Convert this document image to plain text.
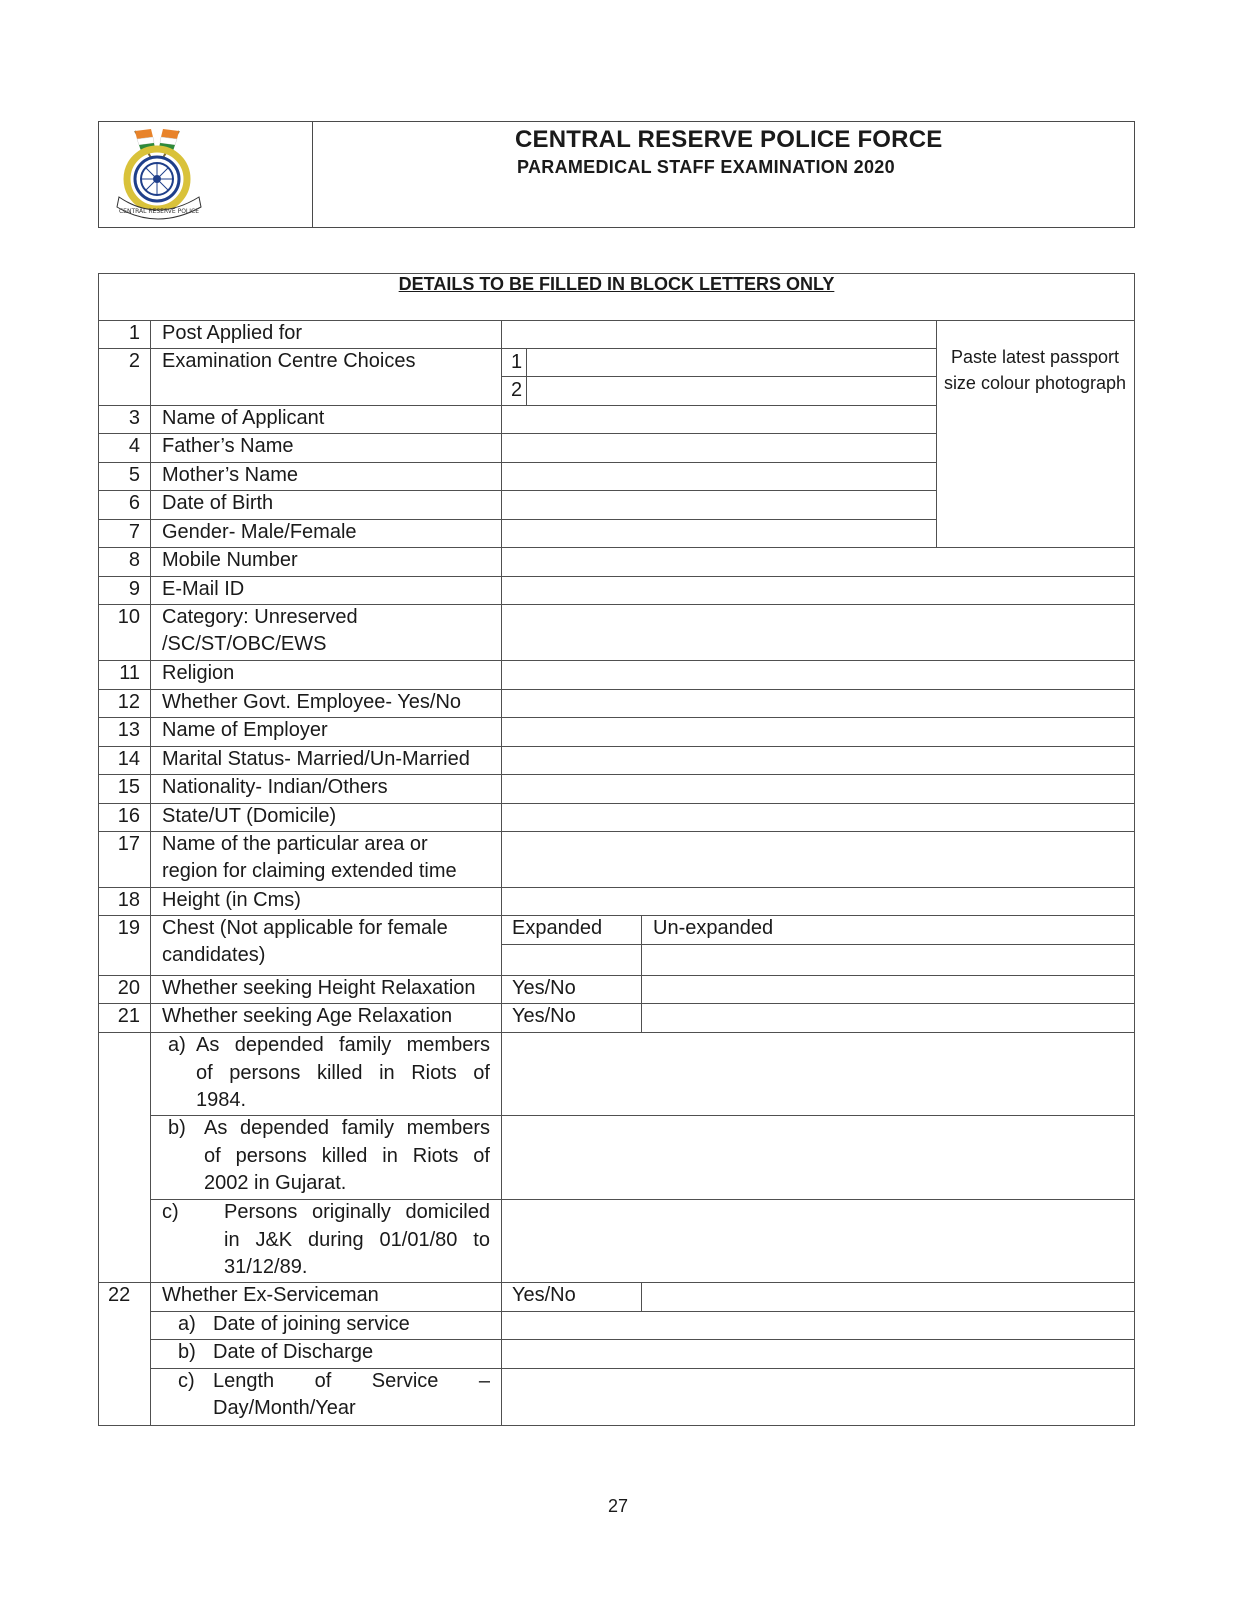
CENTRAL RESERVE POLICE
CENTRAL RESERVE POLICE FORCE
PARAMEDICAL STAFF EXAMINATION 2020
DETAILS TO BE FILLED IN BLOCK LETTERS ONLY
Paste latest passport size colour photograph
1 Post Applied for
2 Examination Centre Choices	1
2
3 Name of Applicant
4 Father’s Name
5 Mother’s Name
6 Date of Birth
7 Gender- Male/Female
8 Mobile Number
9 E-Mail ID
10 Category: Unreserved
/SC/ST/OBC/EWS
11 Religion
12 Whether Govt. Employee- Yes/No
13 Name of Employer
14 Marital Status- Married/Un-Married
15 Nationality- Indian/Others
16 State/UT (Domicile)
17 Name of the particular area or
region for claiming extended time
18 Height (in Cms)
19 Chest (Not applicable for female
candidates)
Expanded	Un-expanded
20 Whether seeking Height Relaxation Yes/No
21 Whether seeking Age Relaxation	Yes/No
a) As depended family members
of persons killed in Riots of
1984.
b) As depended family members
of persons killed in Riots of
2002 in Gujarat.
c) Persons originally domiciled
in J&K during 01/01/80 to
31/12/89.
22 Whether Ex-Serviceman	Yes/No
a) Date of joining service
b) Date of Discharge
c) Length of Service –
Day/Month/Year
27
